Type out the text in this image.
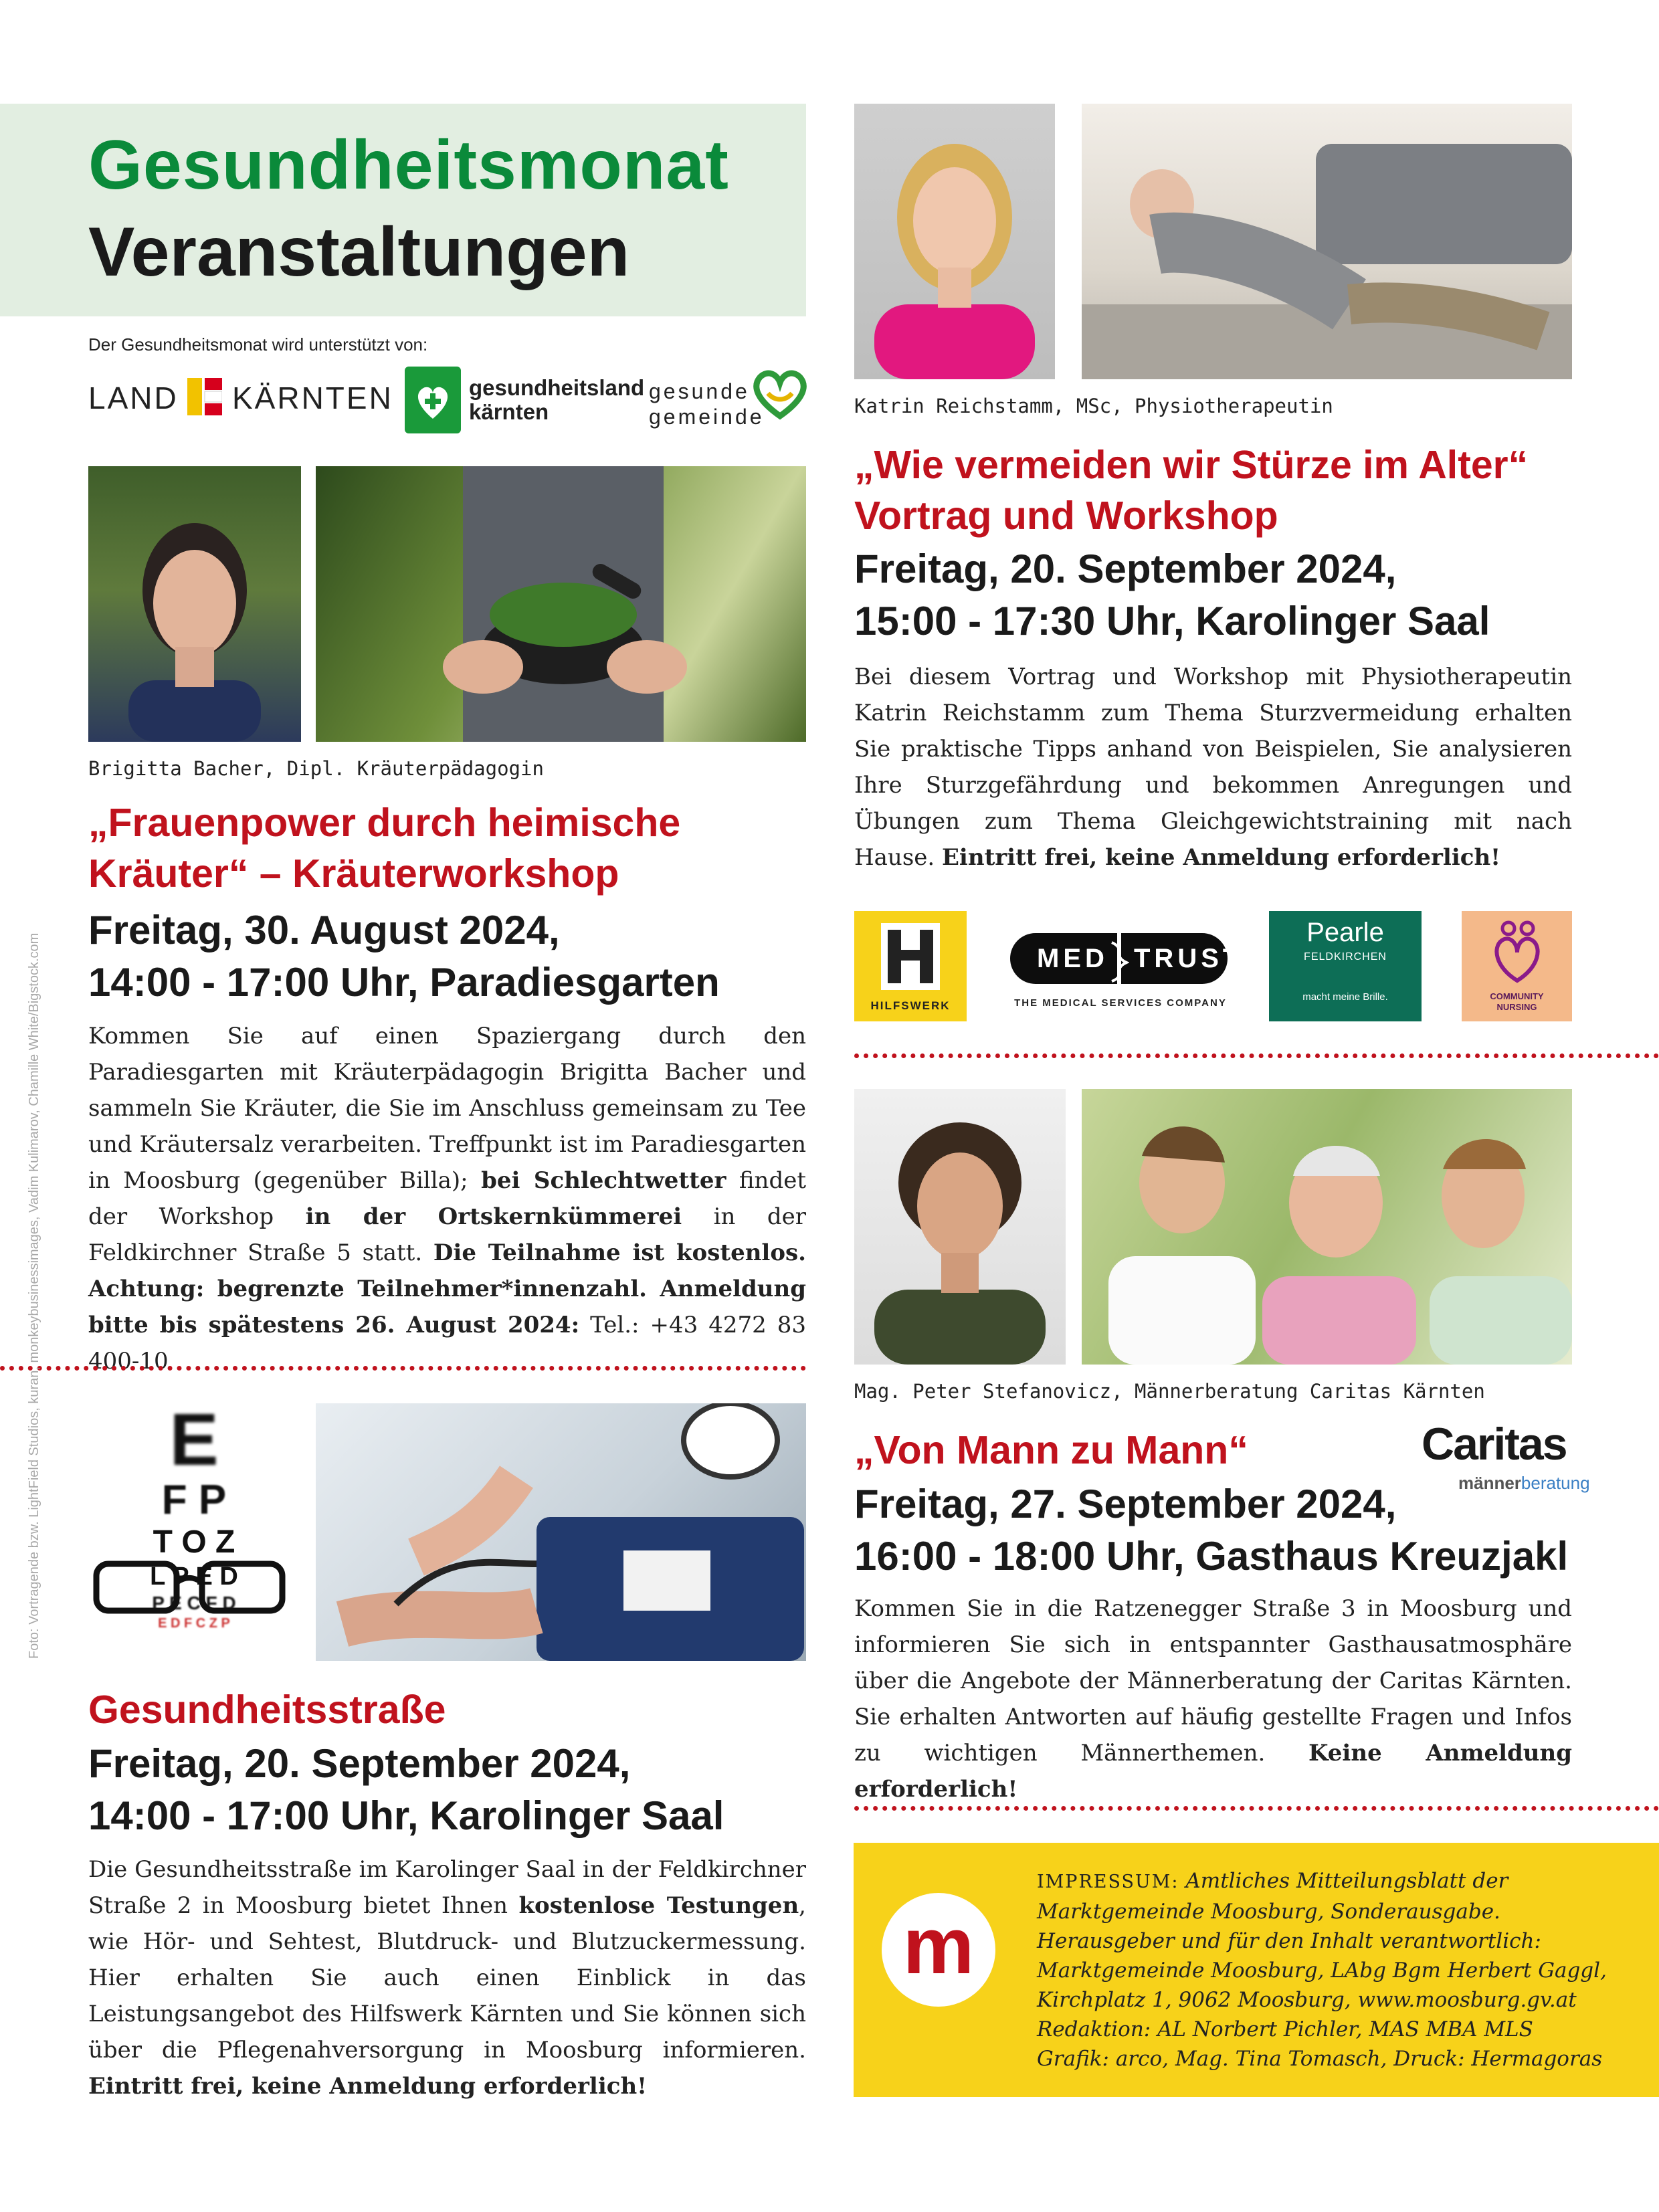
Gesundheitsmonat
Veranstaltungen
Der Gesundheitsmonat wird unterstützt von:
LAND KÄRNTEN	gesundheitsland
kärnten
gesunde
gemeinde
Brigitta Bacher, Dipl. Kräuterpädagogin
„Frauenpower durch heimische
Kräuter“ – Kräuterworkshop
Freitag, 30. August 2024,
14:00 - 17:00 Uhr, Paradiesgarten
Kommen Sie auf einen Spaziergang durch den Paradiesgarten mit Kräuterpädagogin Brigitta Bacher und sammeln Sie Kräuter, die Sie im Anschluss gemeinsam zu Tee und Kräutersalz verarbeiten. Treffpunkt ist im Paradiesgarten in Moosburg (gegenüber Billa); bei Schlechtwetter findet der Workshop in der Ortskernkümmerei in der Feldkirchner Straße 5 statt. Die Teilnahme ist kostenlos. Achtung: begrenzte Teilnehmer*innenzahl. Anmeldung bitte bis spätestens 26. August 2024: Tel.: +43 4272 83 400-10
E
F P
T O Z
L P E D
P E C F D
E D F C Z P
Gesundheitsstraße
Freitag, 20. September 2024,
14:00 - 17:00 Uhr, Karolinger Saal
Die Gesundheitsstraße im Karolinger Saal in der Feldkirchner Straße 2 in Moosburg bietet Ihnen kostenlose Testungen, wie Hör- und Sehtest, Blutdruck- und Blutzuckermessung. Hier erhalten Sie auch einen Einblick in das Leistungsangebot des Hilfswerk Kärnten und Sie können sich über die Pflegenahversorgung in Moosburg informieren. Eintritt frei, keine Anmeldung erforderlich!
Foto: Vortragende bzw. LightField Studios, kuran, monkeybusinessimages, Vadim Kulimarov, Chamille White/Bigstock.com
Katrin Reichstamm, MSc, Physiotherapeutin
„Wie vermeiden wir Stürze im Alter“
Vortrag und Workshop
Freitag, 20. September 2024,
15:00 - 17:30 Uhr, Karolinger Saal
Bei diesem Vortrag und Workshop mit Physiotherapeutin Katrin Reichstamm zum Thema Sturzvermeidung erhalten Sie praktische Tipps anhand von Beispielen, Sie analysieren Ihre Sturzgefährdung und bekommen Anregungen und Übungen zum Thema Gleichgewichtstraining mit nach Hause. Eintritt frei, keine Anmeldung erforderlich!
HILFSWERK
MED TRUST
THE MEDICAL SERVICES COMPANY
Pearle
FELDKIRCHEN
macht meine Brille.	COMMUNITY
NURSING
Mag. Peter Stefanovicz, Männerberatung Caritas Kärnten
Caritas
männerberatung
„Von Mann zu Mann“
Freitag, 27. September 2024,
16:00 - 18:00 Uhr, Gasthaus Kreuzjakl
Kommen Sie in die Ratzenegger Straße 3 in Moosburg und informieren Sie sich in entspannter Gasthausatmosphäre über die Angebote der Männerberatung der Caritas Kärnten. Sie erhalten Antworten auf häufig gestellte Fragen und Infos zu wichtigen Männerthemen. Keine Anmeldung erforderlich!
m
IMPRESSUM: Amtliches Mitteilungsblatt der Marktgemeinde Moosburg, Sonderausgabe. Herausgeber und für den Inhalt verantwortlich: Marktgemeinde Moosburg, LAbg Bgm Herbert Gaggl, Kirchplatz 1, 9062 Moosburg, www.moosburg.gv.at
Redaktion: AL Norbert Pichler, MAS MBA MLS
Grafik: arco, Mag. Tina Tomasch, Druck: Hermagoras
